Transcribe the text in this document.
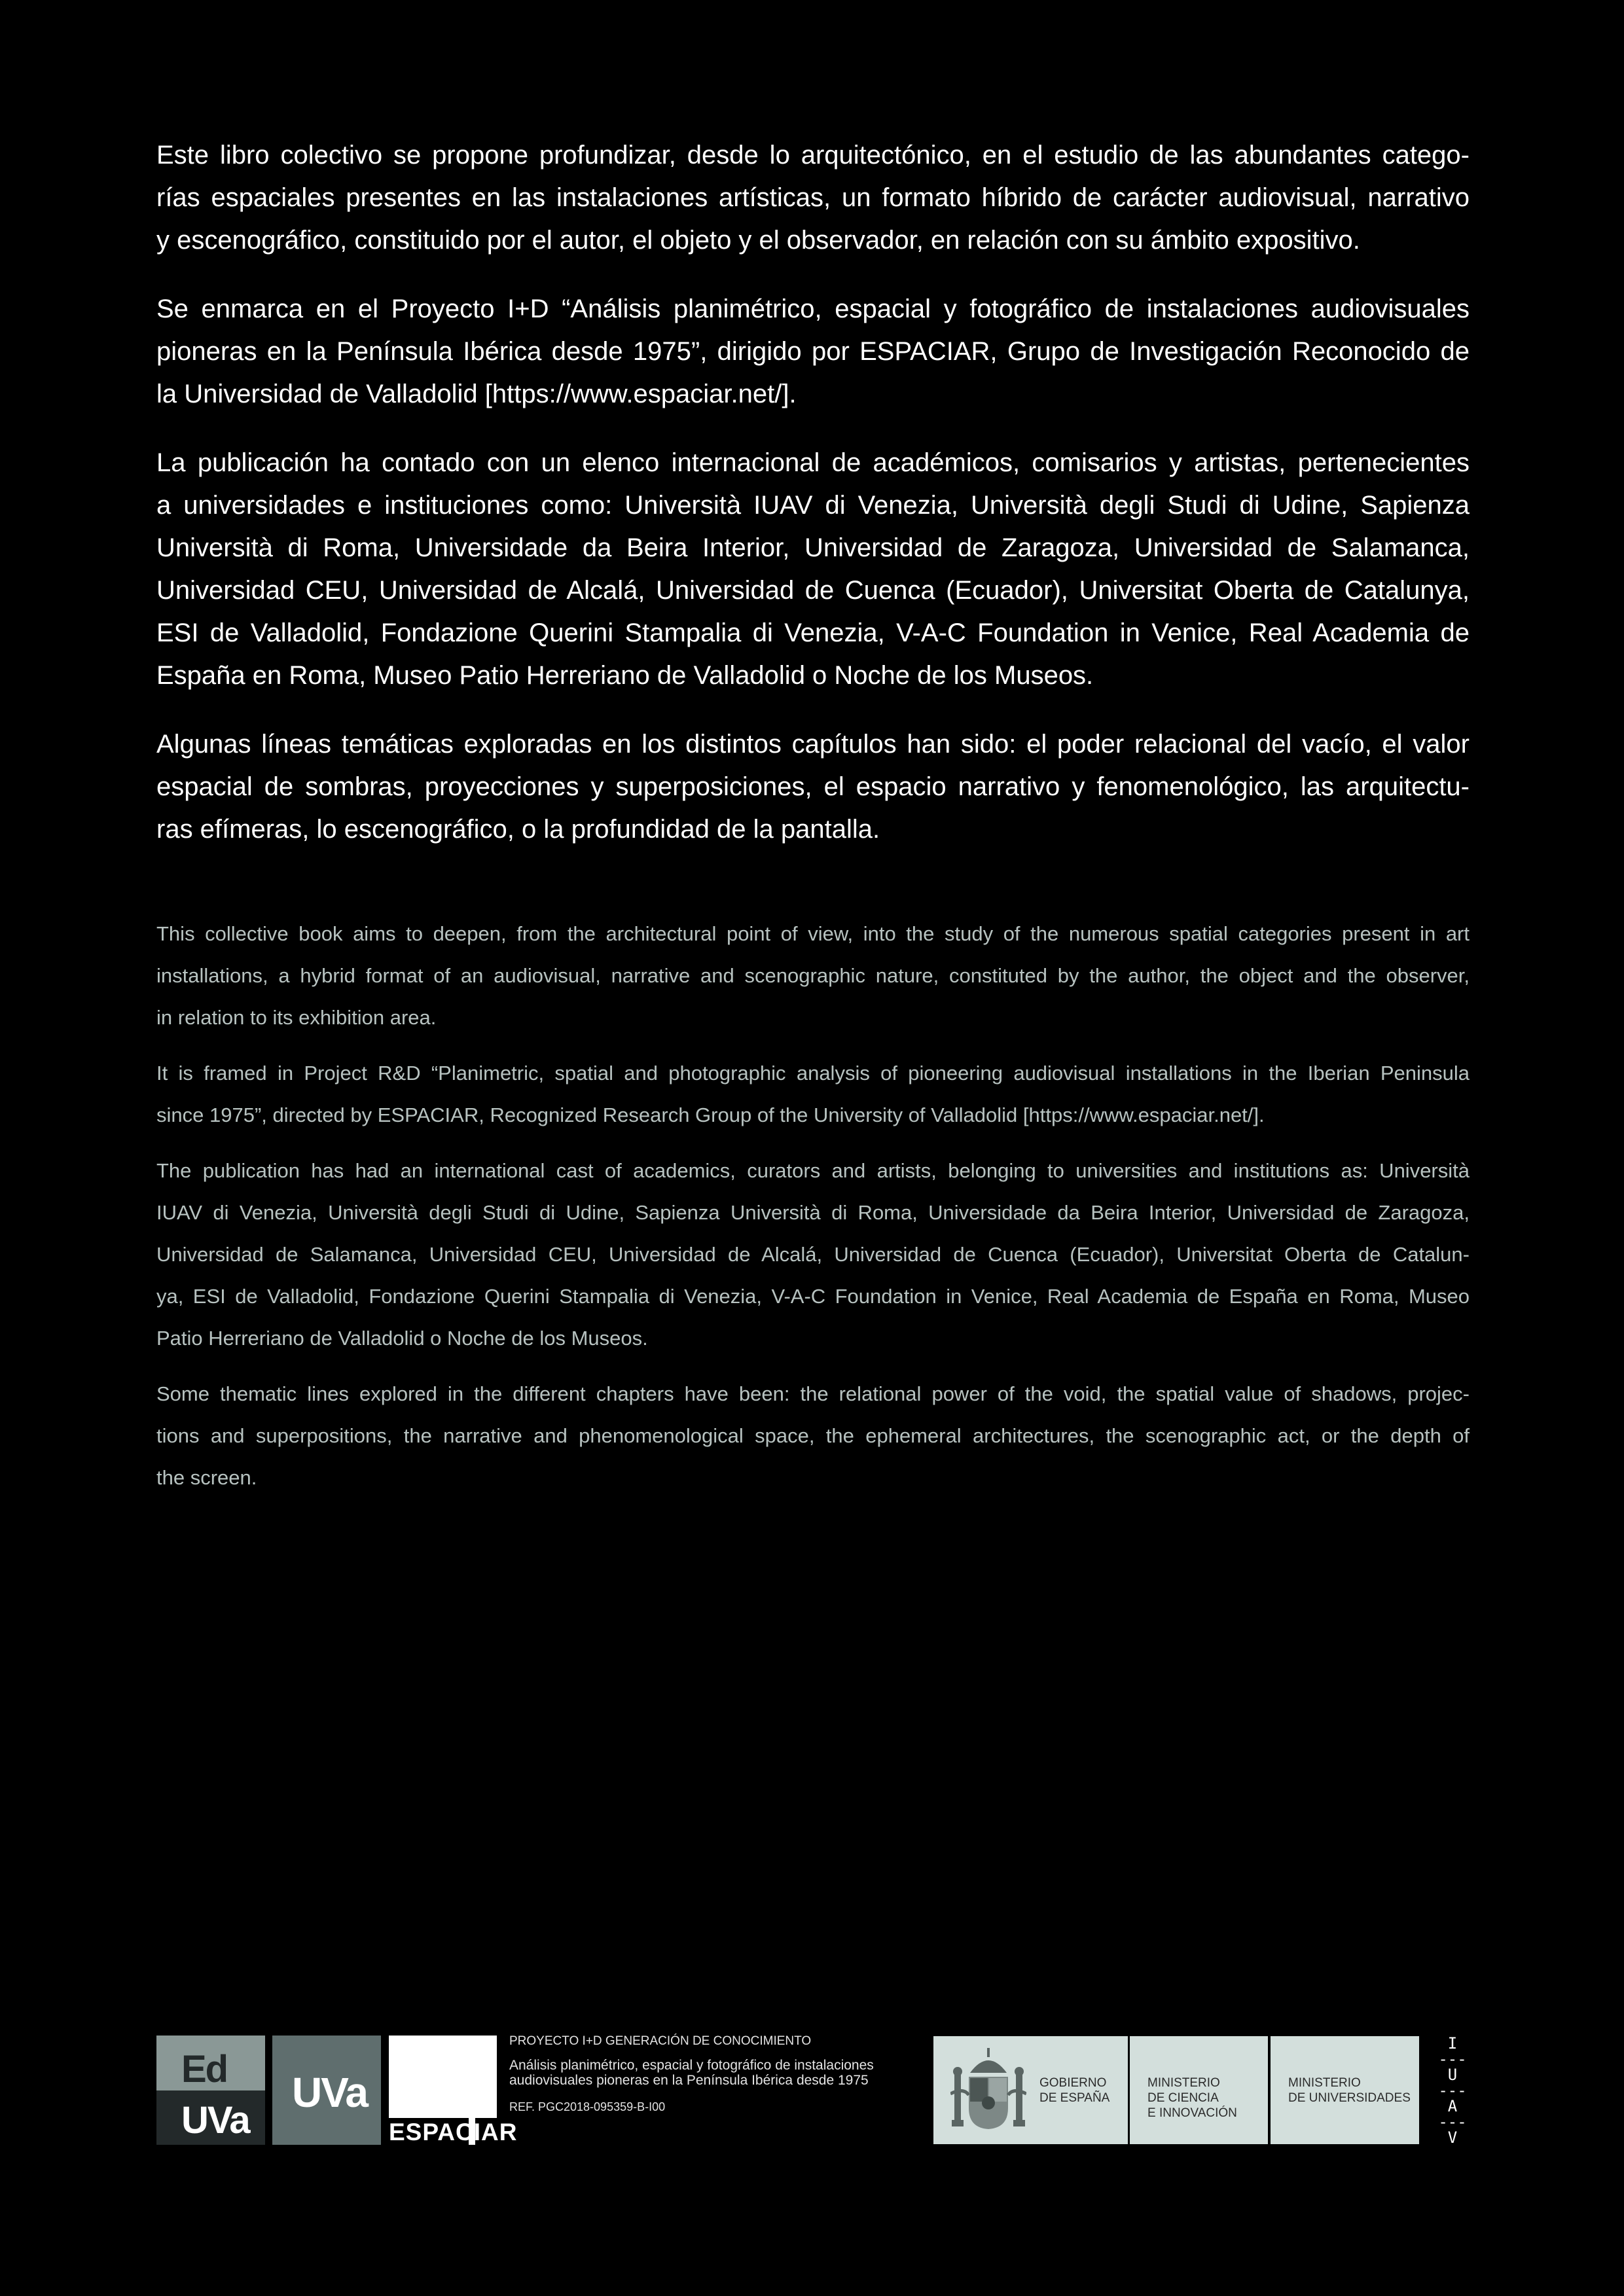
Este libro colectivo se propone profundizar, desde lo arquitectónico, en el estudio de las abundantes catego-
rías espaciales presentes en las instalaciones artísticas, un formato híbrido de carácter audiovisual, narrativo
y escenográfico, constituido por el autor, el objeto y el observador, en relación con su ámbito expositivo.
Se enmarca en el Proyecto I+D “Análisis planimétrico, espacial y fotográfico de instalaciones audiovisuales
pioneras en la Península Ibérica desde 1975”, dirigido por ESPACIAR, Grupo de Investigación Reconocido de
la Universidad de Valladolid [https://www.espaciar.net/].
La publicación ha contado con un elenco internacional de académicos, comisarios y artistas, pertenecientes
a universidades e instituciones como: Università IUAV di Venezia, Università degli Studi di Udine, Sapienza
Università di Roma, Universidade da Beira Interior, Universidad de Zaragoza, Universidad de Salamanca,
Universidad CEU, Universidad de Alcalá, Universidad de Cuenca (Ecuador), Universitat Oberta de Catalunya,
ESI de Valladolid, Fondazione Querini Stampalia di Venezia, V-A-C Foundation in Venice, Real Academia de
España en Roma, Museo Patio Herreriano de Valladolid o Noche de los Museos.
Algunas líneas temáticas exploradas en los distintos capítulos han sido: el poder relacional del vacío, el valor
espacial de sombras, proyecciones y superposiciones, el espacio narrativo y fenomenológico, las arquitectu-
ras efímeras, lo escenográfico, o la profundidad de la pantalla.
This collective book aims to deepen, from the architectural point of view, into the study of the numerous spatial categories present in art
installations, a hybrid format of an audiovisual, narrative and scenographic nature, constituted by the author, the object and the observer,
in relation to its exhibition area.
It is framed in Project R&D “Planimetric, spatial and photographic analysis of pioneering audiovisual installations in the Iberian Peninsula
since 1975”, directed by ESPACIAR, Recognized Research Group of the University of Valladolid [https://www.espaciar.net/].
The publication has had an international cast of academics, curators and artists, belonging to universities and institutions as: Università
IUAV di Venezia, Università degli Studi di Udine, Sapienza Università di Roma, Universidade da Beira Interior, Universidad de Zaragoza,
Universidad de Salamanca, Universidad CEU, Universidad de Alcalá, Universidad de Cuenca (Ecuador), Universitat Oberta de Catalun-
ya, ESI de Valladolid, Fondazione Querini Stampalia di Venezia, V-A-C Foundation in Venice, Real Academia de España en Roma, Museo
Patio Herreriano de Valladolid o Noche de los Museos.
Some thematic lines explored in the different chapters have been: the relational power of the void, the spatial value of shadows, projec-
tions and superpositions, the narrative and phenomenological space, the ephemeral architectures, the scenographic act, or the depth of
the screen.
Ed
UVa
UVa
ESPACIAR
PROYECTO I+D GENERACIÓN DE CONOCIMIENTO
Análisis planimétrico, espacial y fotográfico de instalaciones
audiovisuales pioneras en la Península Ibérica desde 1975
REF. PGC2018-095359-B-I00
GOBIERNO
DE ESPAÑA
MINISTERIO
DE CIENCIA
E INNOVACIÓN
MINISTERIO
DE UNIVERSIDADES
I
---
U
---
A
---
V
